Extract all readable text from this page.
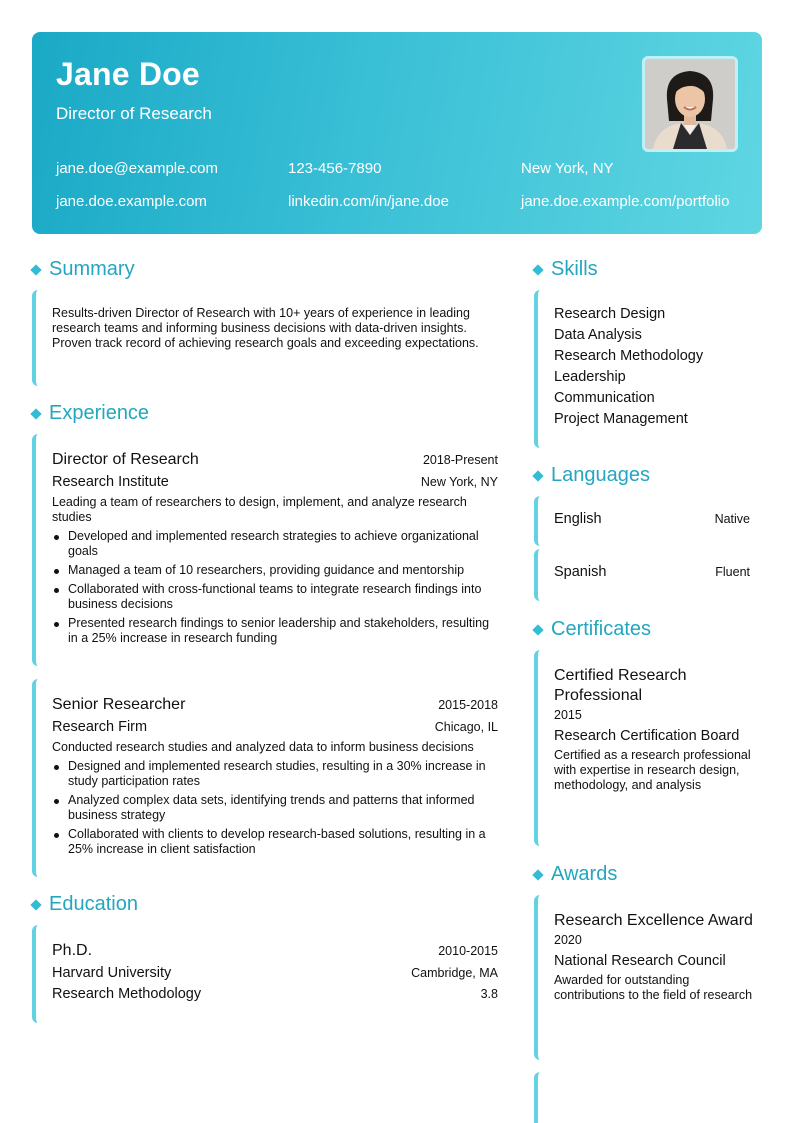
Jane Doe
Director of Research
jane.doe@example.com	123-456-7890	New York, NY
jane.doe.example.com	linkedin.com/in/jane.doe	jane.doe.example.com/portfolio
Summary
Results-driven Director of Research with 10+ years of experience in leading research teams and informing business decisions with data-driven insights. Proven track record of achieving research goals and exceeding expectations.
Experience
Director of Research	2018-Present
Research Institute	New York, NY
Leading a team of researchers to design, implement, and analyze research studies
Developed and implemented research strategies to achieve organizational goals
Managed a team of 10 researchers, providing guidance and mentorship
Collaborated with cross-functional teams to integrate research findings into business decisions
Presented research findings to senior leadership and stakeholders, resulting in a 25% increase in research funding
Senior Researcher	2015-2018
Research Firm	Chicago, IL
Conducted research studies and analyzed data to inform business decisions
Designed and implemented research studies, resulting in a 30% increase in study participation rates
Analyzed complex data sets, identifying trends and patterns that informed business strategy
Collaborated with clients to develop research-based solutions, resulting in a 25% increase in client satisfaction
Education
Ph.D.	2010-2015
Harvard University	Cambridge, MA
Research Methodology	3.8
Skills
Research Design
Data Analysis
Research Methodology
Leadership
Communication
Project Management
Languages
English	Native
Spanish	Fluent
Certificates
Certified Research Professional
2015
Research Certification Board
Certified as a research professional with expertise in research design, methodology, and analysis
Awards
Research Excellence Award
2020
National Research Council
Awarded for outstanding contributions to the field of research
